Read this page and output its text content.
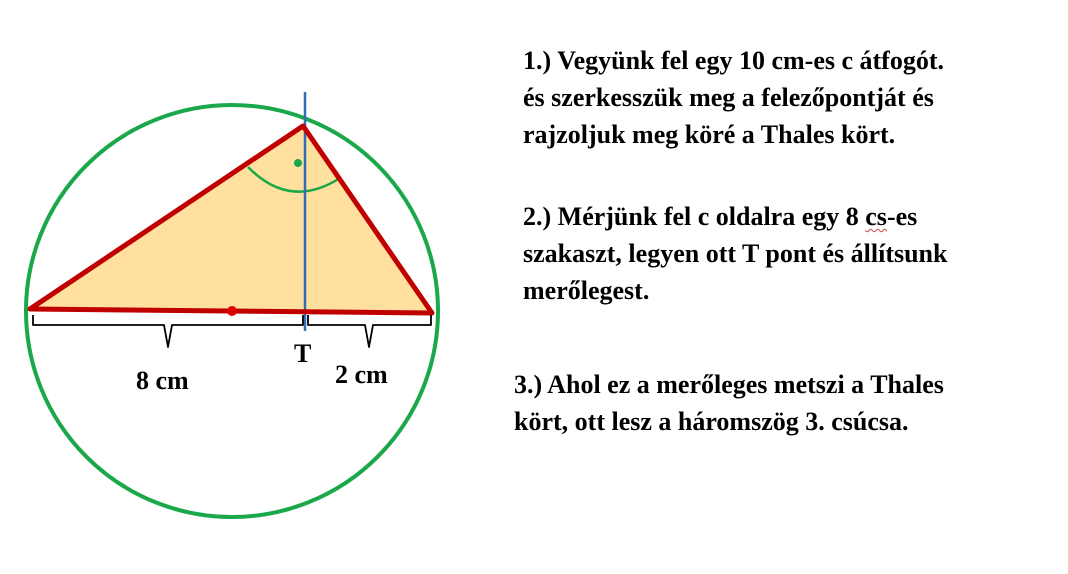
T
8 cm	2 cm

1.) Vegyünk fel egy 10 cm-es c átfogót.
és szerkesszük meg a felezőpontját és
rajzoljuk meg köré a Thales kört.

2.) Mérjünk fel c oldalra egy 8 cs-es
szakaszt, legyen ott T pont és állítsunk
merőlegest.

3.) Ahol ez a merőleges metszi a Thales
kört, ott lesz a háromszög 3. csúcsa.
